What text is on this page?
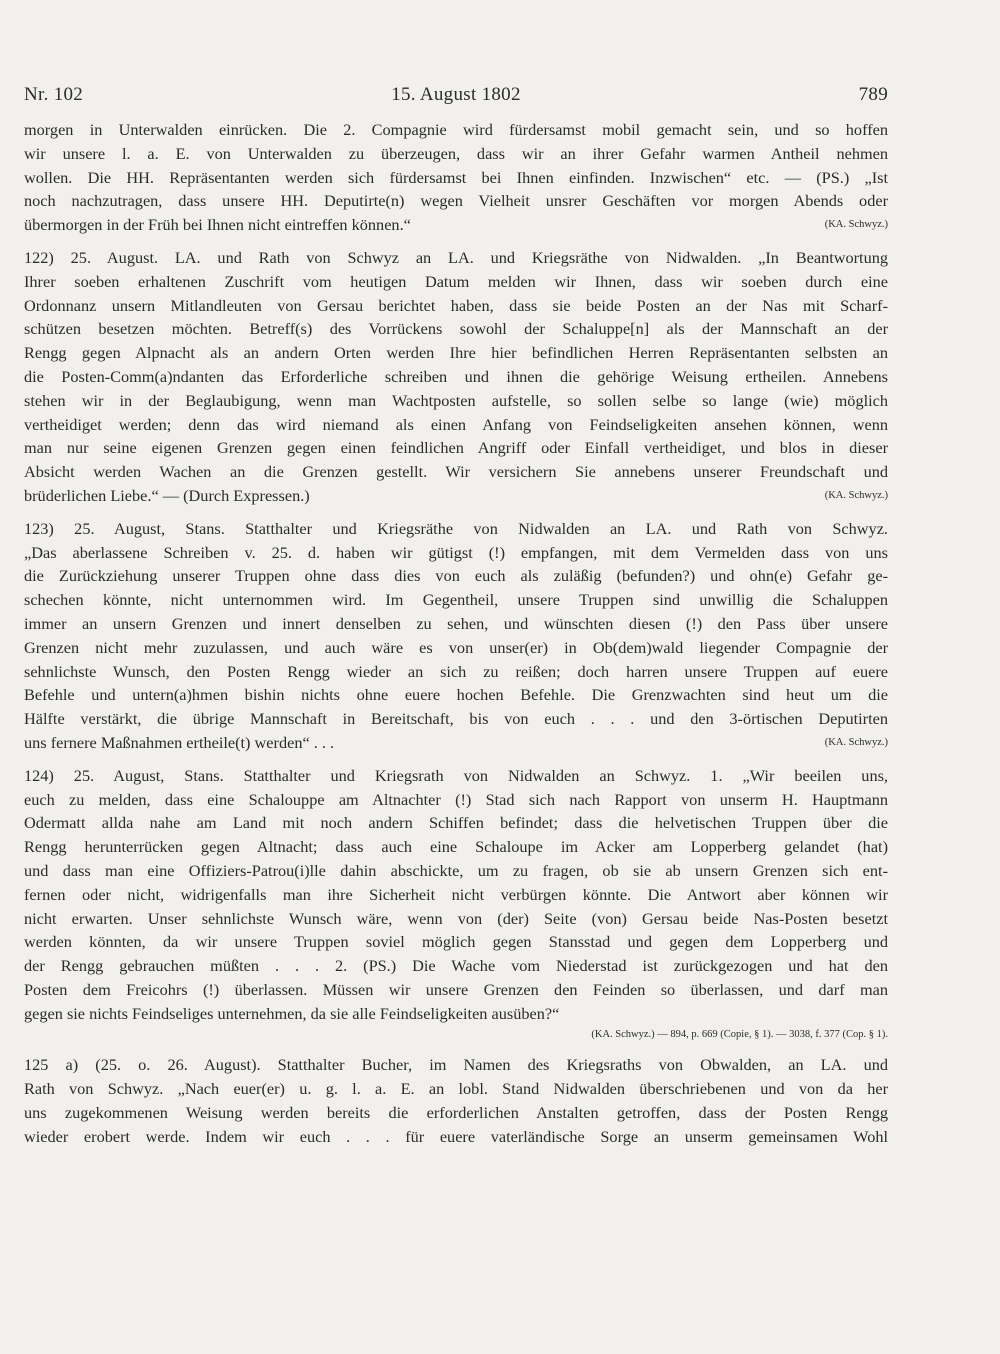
Nr. 102	15. August 1802	789
morgen in Unterwalden einrücken. Die 2. Compagnie wird fürdersamst mobil gemacht sein, und so hoffen
wir unsere l. a. E. von Unterwalden zu überzeugen, dass wir an ihrer Gefahr warmen Antheil nehmen
wollen. Die HH. Repräsentanten werden sich fürdersamst bei Ihnen einfinden. Inzwischen“ etc. — (PS.) „Ist
noch nachzutragen, dass unsere HH. Deputirte(n) wegen Vielheit unsrer Geschäften vor morgen Abends oder
übermorgen in der Früh bei Ihnen nicht eintreffen können.“	(KA. Schwyz.)
122) 25. August. LA. und Rath von Schwyz an LA. und Kriegsräthe von Nidwalden. „In Beantwortung
Ihrer soeben erhaltenen Zuschrift vom heutigen Datum melden wir Ihnen, dass wir soeben durch eine
Ordonnanz unsern Mitlandleuten von Gersau berichtet haben, dass sie beide Posten an der Nas mit Scharf-
schützen besetzen möchten. Betreff(s) des Vorrückens sowohl der Schaluppe[n] als der Mannschaft an der
Rengg gegen Alpnacht als an andern Orten werden Ihre hier befindlichen Herren Repräsentanten selbsten an
die Posten-Comm(a)ndanten das Erforderliche schreiben und ihnen die gehörige Weisung ertheilen. Annebens
stehen wir in der Beglaubigung, wenn man Wachtposten aufstelle, so sollen selbe so lange (wie) möglich
vertheidiget werden; denn das wird niemand als einen Anfang von Feindseligkeiten ansehen können, wenn
man nur seine eigenen Grenzen gegen einen feindlichen Angriff oder Einfall vertheidiget, und blos in dieser
Absicht werden Wachen an die Grenzen gestellt. Wir versichern Sie annebens unserer Freundschaft und
brüderlichen Liebe.“ — (Durch Expressen.)	(KA. Schwyz.)
123) 25. August, Stans. Statthalter und Kriegsräthe von Nidwalden an LA. und Rath von Schwyz.
„Das aberlassene Schreiben v. 25. d. haben wir gütigst (!) empfangen, mit dem Vermelden dass von uns
die Zurückziehung unserer Truppen ohne dass dies von euch als zuläßig (befunden?) und ohn(e) Gefahr ge-
schechen könnte, nicht unternommen wird. Im Gegentheil, unsere Truppen sind unwillig die Schaluppen
immer an unsern Grenzen und innert denselben zu sehen, und wünschten diesen (!) den Pass über unsere
Grenzen nicht mehr zuzulassen, und auch wäre es von unser(er) in Ob(dem)wald liegender Compagnie der
sehnlichste Wunsch, den Posten Rengg wieder an sich zu reißen; doch harren unsere Truppen auf euere
Befehle und untern(a)hmen bishin nichts ohne euere hochen Befehle. Die Grenzwachten sind heut um die
Hälfte verstärkt, die übrige Mannschaft in Bereitschaft, bis von euch . . . und den 3-örtischen Deputirten
uns fernere Maßnahmen ertheile(t) werden“ . . .	(KA. Schwyz.)
124) 25. August, Stans. Statthalter und Kriegsrath von Nidwalden an Schwyz. 1. „Wir beeilen uns,
euch zu melden, dass eine Schalouppe am Altnachter (!) Stad sich nach Rapport von unserm H. Hauptmann
Odermatt allda nahe am Land mit noch andern Schiffen befindet; dass die helvetischen Truppen über die
Rengg herunterrücken gegen Altnacht; dass auch eine Schaloupe im Acker am Lopperberg gelandet (hat)
und dass man eine Offiziers-Patrou(i)lle dahin abschickte, um zu fragen, ob sie ab unsern Grenzen sich ent-
fernen oder nicht, widrigenfalls man ihre Sicherheit nicht verbürgen könnte. Die Antwort aber können wir
nicht erwarten. Unser sehnlichste Wunsch wäre, wenn von (der) Seite (von) Gersau beide Nas-Posten besetzt
werden könnten, da wir unsere Truppen soviel möglich gegen Stansstad und gegen dem Lopperberg und
der Rengg gebrauchen müßten . . . 2. (PS.) Die Wache vom Niederstad ist zurückgezogen und hat den
Posten dem Freicohrs (!) überlassen. Müssen wir unsere Grenzen den Feinden so überlassen, und darf man
gegen sie nichts Feindseliges unternehmen, da sie alle Feindseligkeiten ausüben?“
(KA. Schwyz.) — 894, p. 669 (Copie, § 1). — 3038, f. 377 (Cop. § 1).
125 a) (25. o. 26. August). Statthalter Bucher, im Namen des Kriegsraths von Obwalden, an LA. und
Rath von Schwyz. „Nach euer(er) u. g. l. a. E. an lobl. Stand Nidwalden überschriebenen und von da her
uns zugekommenen Weisung werden bereits die erforderlichen Anstalten getroffen, dass der Posten Rengg
wieder erobert werde. Indem wir euch . . . für euere vaterländische Sorge an unserm gemeinsamen Wohl
